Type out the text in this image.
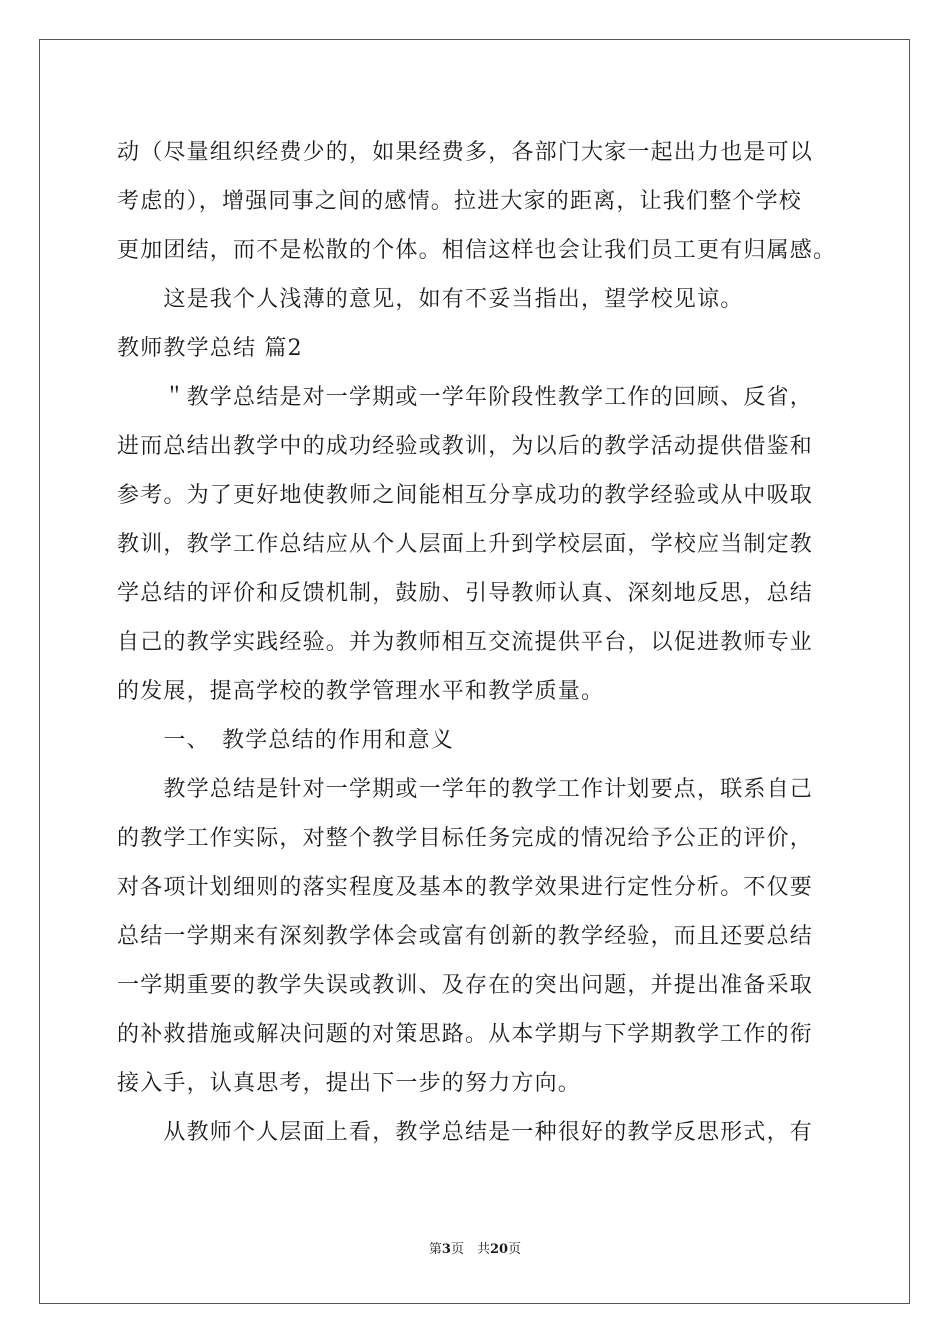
动（尽量组织经费少的，如果经费多，各部门大家一起出力也是可以
考虑的），增强同事之间的感情。拉进大家的距离，让我们整个学校
更加团结，而不是松散的个体。相信这样也会让我们员工更有归属感。
　　这是我个人浅薄的意见，如有不妥当指出，望学校见谅。
教师教学总结 篇2
　　＂教学总结是对一学期或一学年阶段性教学工作的回顾、反省，
进而总结出教学中的成功经验或教训，为以后的教学活动提供借鉴和
参考。为了更好地使教师之间能相互分享成功的教学经验或从中吸取
教训，教学工作总结应从个人层面上升到学校层面，学校应当制定教
学总结的评价和反馈机制，鼓励、引导教师认真、深刻地反思，总结
自己的教学实践经验。并为教师相互交流提供平台，以促进教师专业
的发展，提高学校的教学管理水平和教学质量。
　　一、　教学总结的作用和意义
　　教学总结是针对一学期或一学年的教学工作计划要点，联系自己
的教学工作实际，对整个教学目标任务完成的情况给予公正的评价，
对各项计划细则的落实程度及基本的教学效果进行定性分析。不仅要
总结一学期来有深刻教学体会或富有创新的教学经验，而且还要总结
一学期重要的教学失误或教训、及存在的突出问题，并提出准备采取
的补救措施或解决问题的对策思路。从本学期与下学期教学工作的衔
接入手，认真思考，提出下一步的努力方向。
　　从教师个人层面上看，教学总结是一种很好的教学反思形式，有
第3页　共20页
